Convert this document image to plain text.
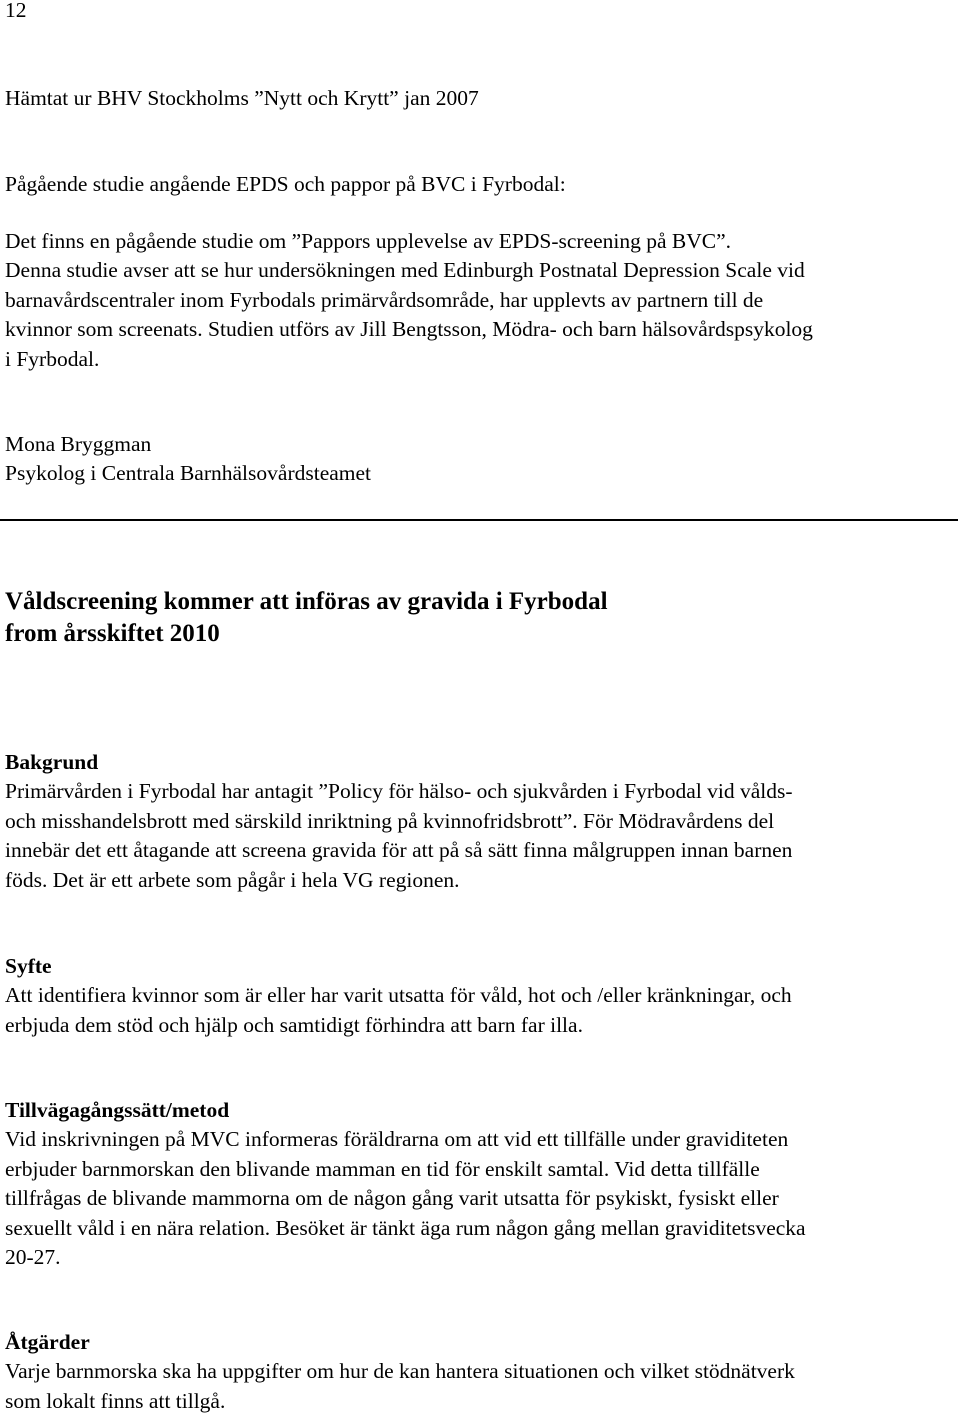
12

Hämtat ur BHV Stockholms ”Nytt och Krytt” jan 2007

Pågående studie angående EPDS och pappor på BVC i Fyrbodal:

Det finns en pågående studie om ”Pappors upplevelse av EPDS-screening på BVC”.
Denna studie avser att se hur undersökningen med Edinburgh Postnatal Depression Scale vid
barnavårdscentraler inom Fyrbodals primärvårdsområde, har upplevts av partnern till de
kvinnor som screenats. Studien utförs av Jill Bengtsson, Mödra- och barn hälsovårdspsykolog
i Fyrbodal.

Mona Bryggman

Psykolog i Centrala Barnhälsovårdsteamet

Våldscreening kommer att införas av gravida i Fyrbodal
from årsskiftet 2010
Bakgrund

Primärvården i Fyrbodal har antagit ”Policy för hälso- och sjukvården i Fyrbodal vid vålds-

och misshandelsbrott med särskild inriktning på kvinnofridsbrott”. För Mödravårdens del

innebär det ett åtagande att screena gravida för att på så sätt finna målgruppen innan barnen

föds. Det är ett arbete som pågår i hela VG regionen.

Syfte

Att identifiera kvinnor som är eller har varit utsatta för våld, hot och /eller kränkningar, och

erbjuda dem stöd och hjälp och samtidigt förhindra att barn far illa.

Tillvägagångssätt/metod

Vid inskrivningen på MVC informeras föräldrarna om att vid ett tillfälle under graviditeten

erbjuder barnmorskan den blivande mamman en tid för enskilt samtal. Vid detta tillfälle

tillfrågas de blivande mammorna om de någon gång varit utsatta för psykiskt, fysiskt eller

sexuellt våld i en nära relation. Besöket är tänkt äga rum någon gång mellan graviditetsvecka

20-27.

Åtgärder

Varje barnmorska ska ha uppgifter om hur de kan hantera situationen och vilket stödnätverk

som lokalt finns att tillgå.
